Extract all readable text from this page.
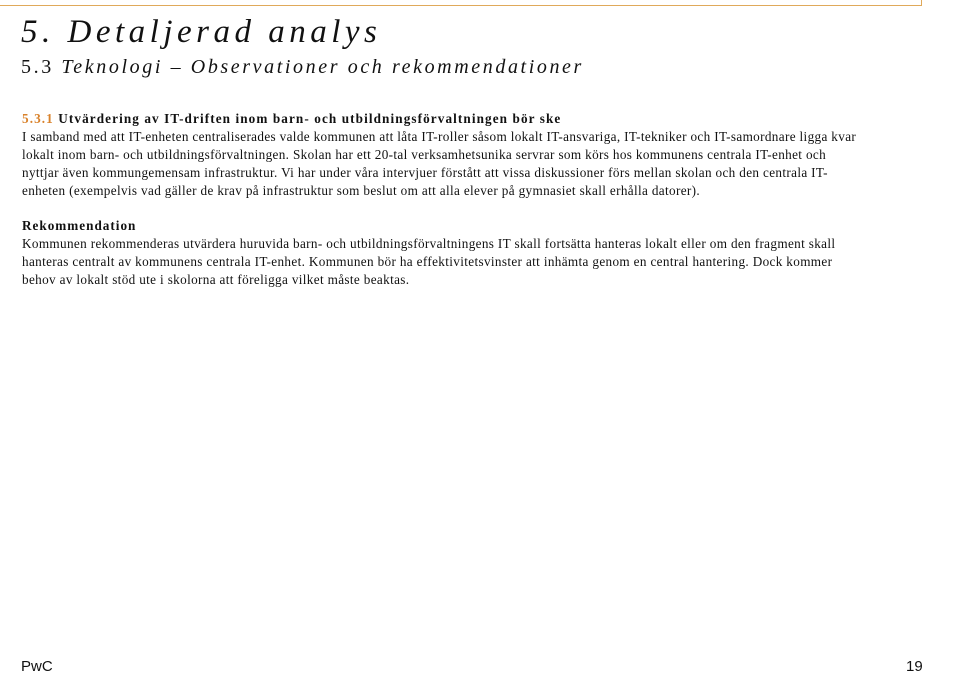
5. Detaljerad analys
5.3 Teknologi – Observationer och rekommendationer
5.3.1 Utvärdering av IT-driften inom barn- och utbildningsförvaltningen bör ske
I samband med att IT-enheten centraliserades valde kommunen att låta IT-roller såsom lokalt IT-ansvariga, IT-tekniker och IT-samordnare ligga kvar
lokalt inom barn- och utbildningsförvaltningen. Skolan har ett 20-tal verksamhetsunika servrar som körs hos kommunens centrala IT-enhet och
nyttjar även kommungemensam infrastruktur. Vi har under våra intervjuer förstått att vissa diskussioner förs mellan skolan och den centrala IT-
enheten (exempelvis vad gäller de krav på infrastruktur som beslut om att alla elever på gymnasiet skall erhålla datorer).
Rekommendation
Kommunen rekommenderas utvärdera huruvida barn- och utbildningsförvaltningens IT skall fortsätta hanteras lokalt eller om den fragment skall
hanteras centralt av kommunens centrala IT-enhet. Kommunen bör ha effektivitetsvinster att inhämta genom en central hantering. Dock kommer
behov av lokalt stöd ute i skolorna att föreligga vilket måste beaktas.
PwC	19
